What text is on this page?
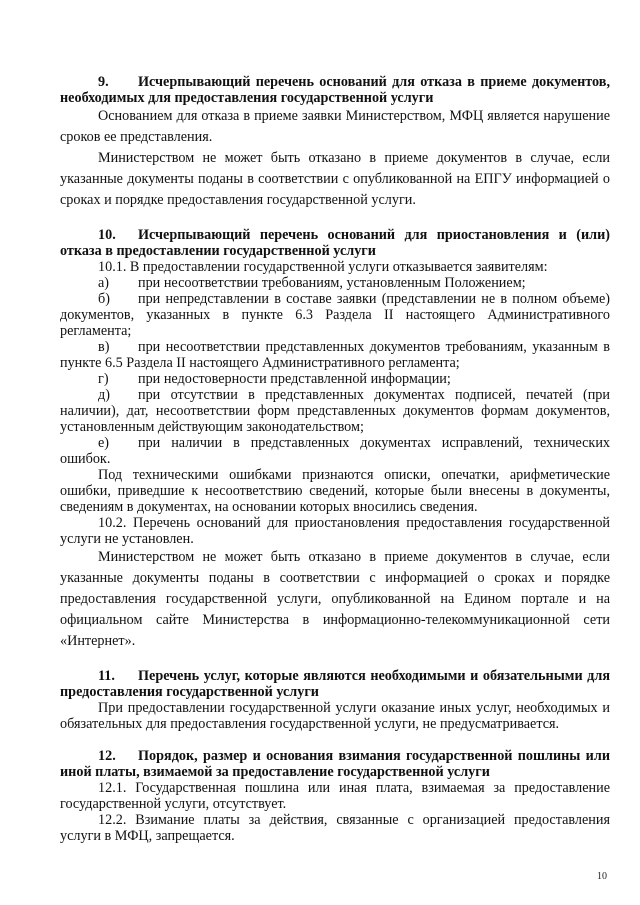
9. Исчерпывающий перечень оснований для отказа в приеме документов, необходимых для предоставления государственной услуги

Основанием для отказа в приеме заявки Министерством, МФЦ является нарушение сроков ее представления.

Министерством не может быть отказано в приеме документов в случае, если указанные документы поданы в соответствии с опубликованной на ЕПГУ информацией о сроках и порядке предоставления государственной услуги.

10. Исчерпывающий перечень оснований для приостановления и (или) отказа в предоставлении государственной услуги

10.1. В предоставлении государственной услуги отказывается заявителям:

а) при несоответствии требованиям, установленным Положением;

б) при непредставлении в составе заявки (представлении не в полном объеме) документов, указанных в пункте 6.3 Раздела II настоящего Административного регламента;

в) при несоответствии представленных документов требованиям, указанным в пункте 6.5 Раздела II настоящего Административного регламента;

г) при недостоверности представленной информации;

д) при отсутствии в представленных документах подписей, печатей (при наличии), дат, несоответствии форм представленных документов формам документов, установленным действующим законодательством;

е) при наличии в представленных документах исправлений, технических ошибок.

Под техническими ошибками признаются описки, опечатки, арифметические ошибки, приведшие к несоответствию сведений, которые были внесены в документы, сведениям в документах, на основании которых вносились сведения.

10.2. Перечень оснований для приостановления предоставления государственной услуги не установлен.

Министерством не может быть отказано в приеме документов в случае, если указанные документы поданы в соответствии с информацией о сроках и порядке предоставления государственной услуги, опубликованной на Едином портале и на официальном сайте Министерства в информационно-телекоммуникационной сети «Интернет».

11. Перечень услуг, которые являются необходимыми и обязательными для предоставления государственной услуги

При предоставлении государственной услуги оказание иных услуг, необходимых и обязательных для предоставления государственной услуги, не предусматривается.

12. Порядок, размер и основания взимания государственной пошлины или иной платы, взимаемой за предоставление государственной услуги

12.1. Государственная пошлина или иная плата, взимаемая за предоставление государственной услуги, отсутствует.

12.2. Взимание платы за действия, связанные с организацией предоставления услуги в МФЦ, запрещается.

10
